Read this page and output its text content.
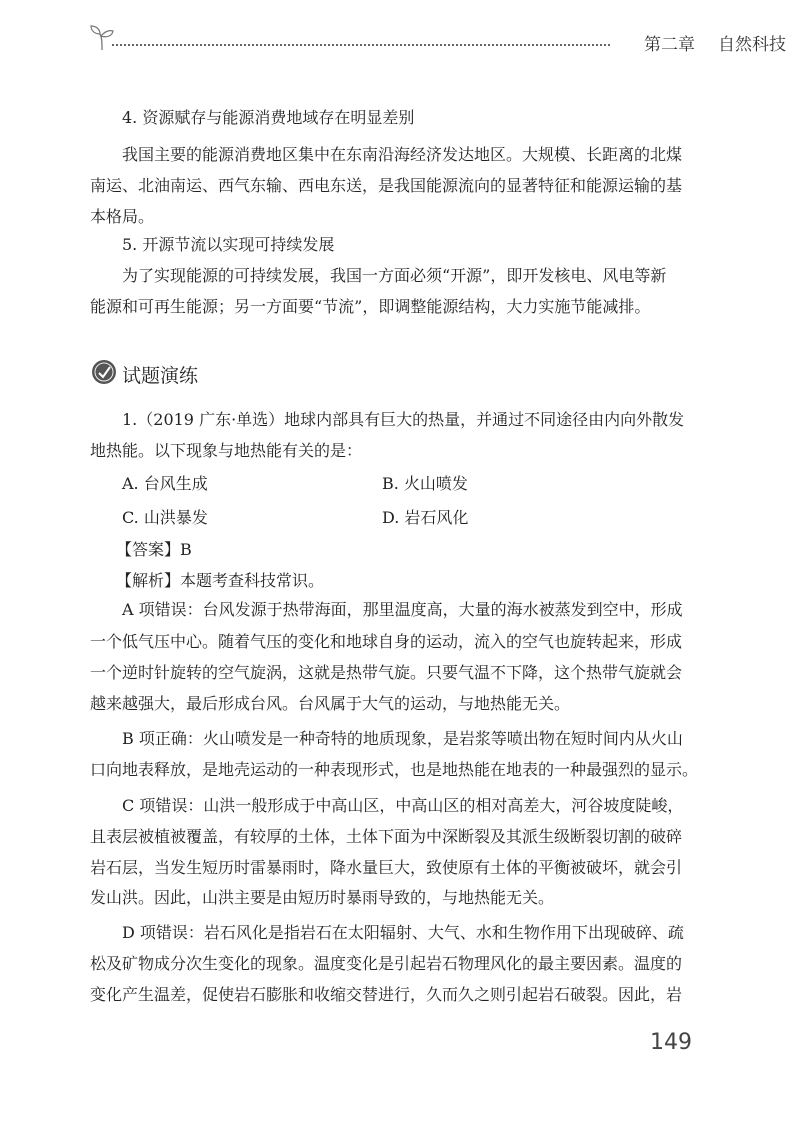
第二章 自然科技
4. 资源赋存与能源消费地域存在明显差别
我国主要的能源消费地区集中在东南沿海经济发达地区。大规模、长距离的北煤
南运、北油南运、西气东输、西电东送，是我国能源流向的显著特征和能源运输的基
本格局。
5. 开源节流以实现可持续发展
为了实现能源的可持续发展，我国一方面必须“开源”，即开发核电、风电等新
能源和可再生能源；另一方面要“节流”，即调整能源结构，大力实施节能减排。
试题演练
1.（2019 广东·单选）地球内部具有巨大的热量，并通过不同途径由内向外散发
地热能。以下现象与地热能有关的是：
A. 台风生成	B. 火山喷发
C. 山洪暴发	D. 岩石风化
【答案】B
【解析】本题考查科技常识。
A 项错误：台风发源于热带海面，那里温度高，大量的海水被蒸发到空中，形成
一个低气压中心。随着气压的变化和地球自身的运动，流入的空气也旋转起来，形成
一个逆时针旋转的空气旋涡，这就是热带气旋。只要气温不下降，这个热带气旋就会
越来越强大，最后形成台风。台风属于大气的运动，与地热能无关。
B 项正确：火山喷发是一种奇特的地质现象，是岩浆等喷出物在短时间内从火山
口向地表释放，是地壳运动的一种表现形式，也是地热能在地表的一种最强烈的显示。
C 项错误：山洪一般形成于中高山区，中高山区的相对高差大，河谷坡度陡峻，
且表层被植被覆盖，有较厚的土体，土体下面为中深断裂及其派生级断裂切割的破碎
岩石层，当发生短历时雷暴雨时，降水量巨大，致使原有土体的平衡被破坏，就会引
发山洪。因此，山洪主要是由短历时暴雨导致的，与地热能无关。
D 项错误：岩石风化是指岩石在太阳辐射、大气、水和生物作用下出现破碎、疏
松及矿物成分次生变化的现象。温度变化是引起岩石物理风化的最主要因素。温度的
变化产生温差，促使岩石膨胀和收缩交替进行，久而久之则引起岩石破裂。因此，岩
149
